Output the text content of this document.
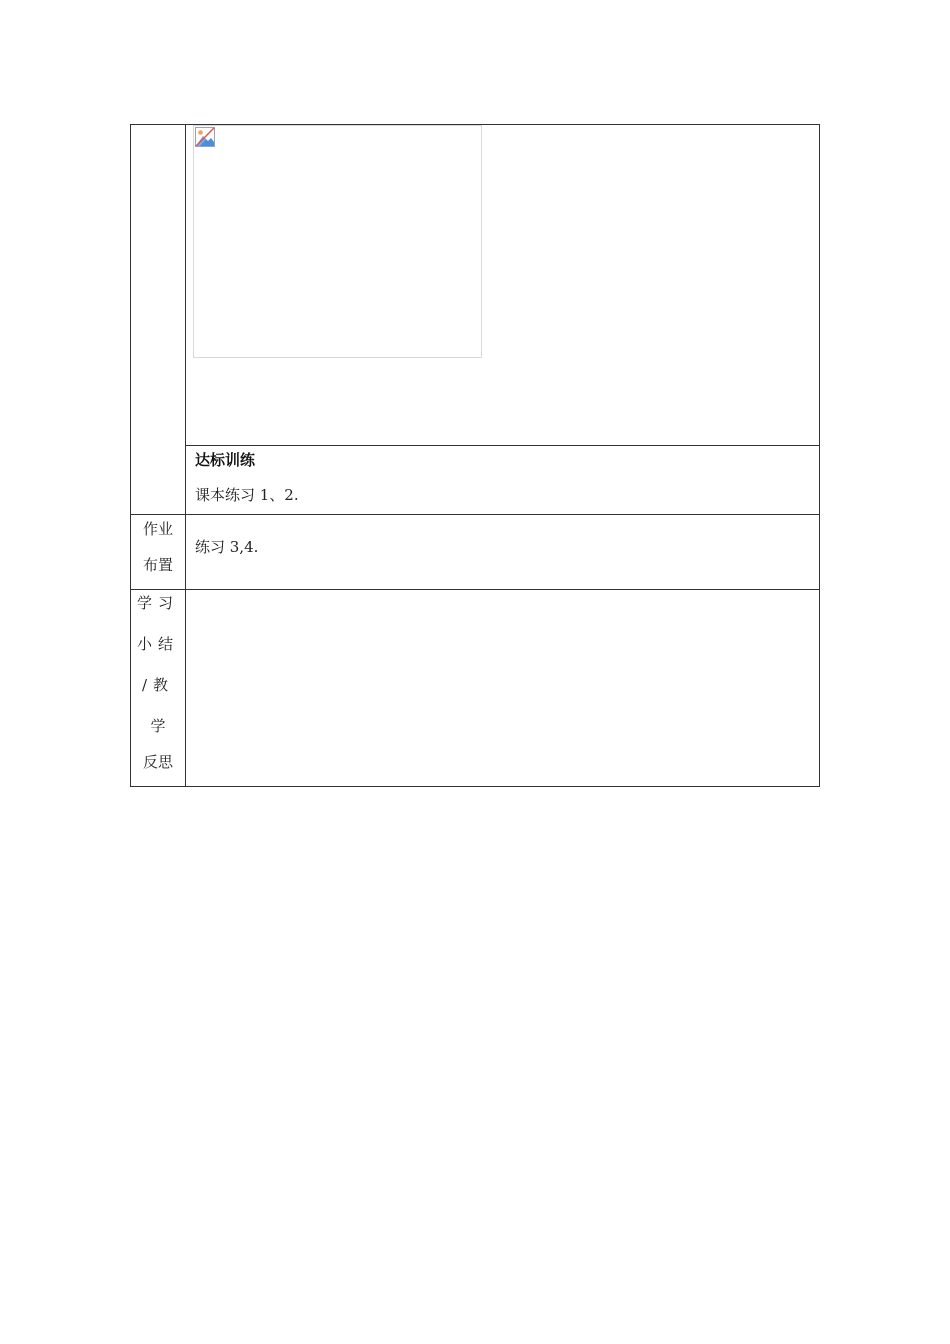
达标训练
课本练习 1、2.
作业
布置
练习 3,4.
学习
小结
/教
学
反思
